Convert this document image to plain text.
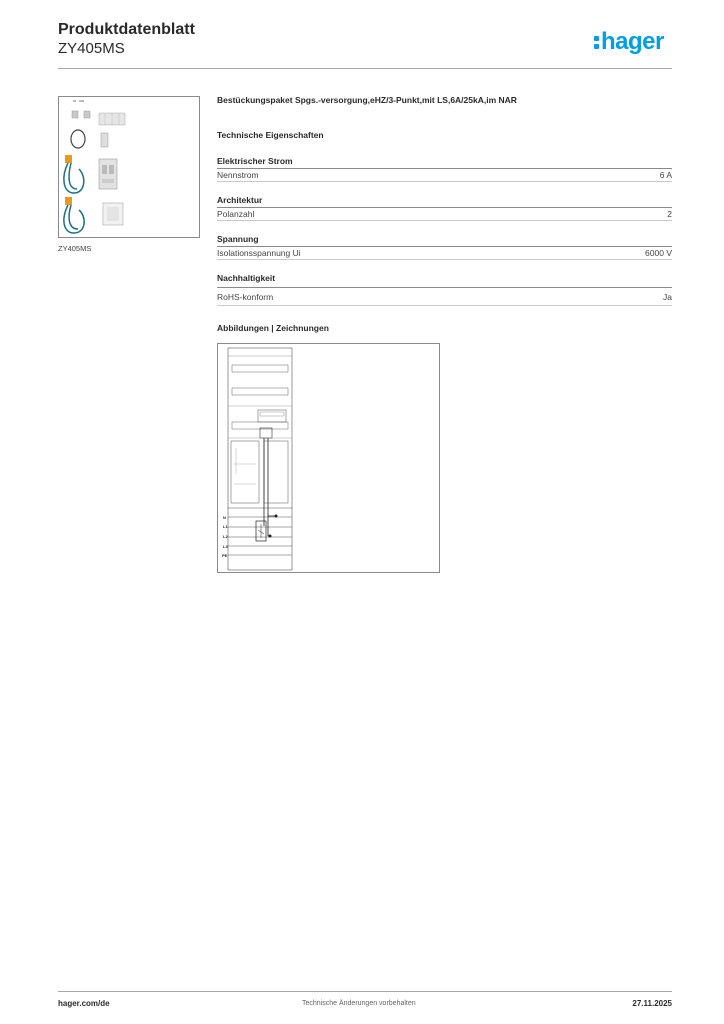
Produktdatenblatt
ZY405MS	hager
ZY405MS
Bestückungspaket Spgs.-versorgung,eHZ/3-Punkt,mit LS,6A/25kA,im NAR
Technische Eigenschaften
Elektrischer Strom
Nennstrom	6 A
Architektur
Polanzahl	2
Spannung
Isolationsspannung Ui	6000 V
Nachhaltigkeit
RoHS-konform	Ja
Abbildungen | Zeichnungen
N
L1
L2
L3
PE
hager.com/de	Technische Änderungen vorbehalten	27.11.2025
